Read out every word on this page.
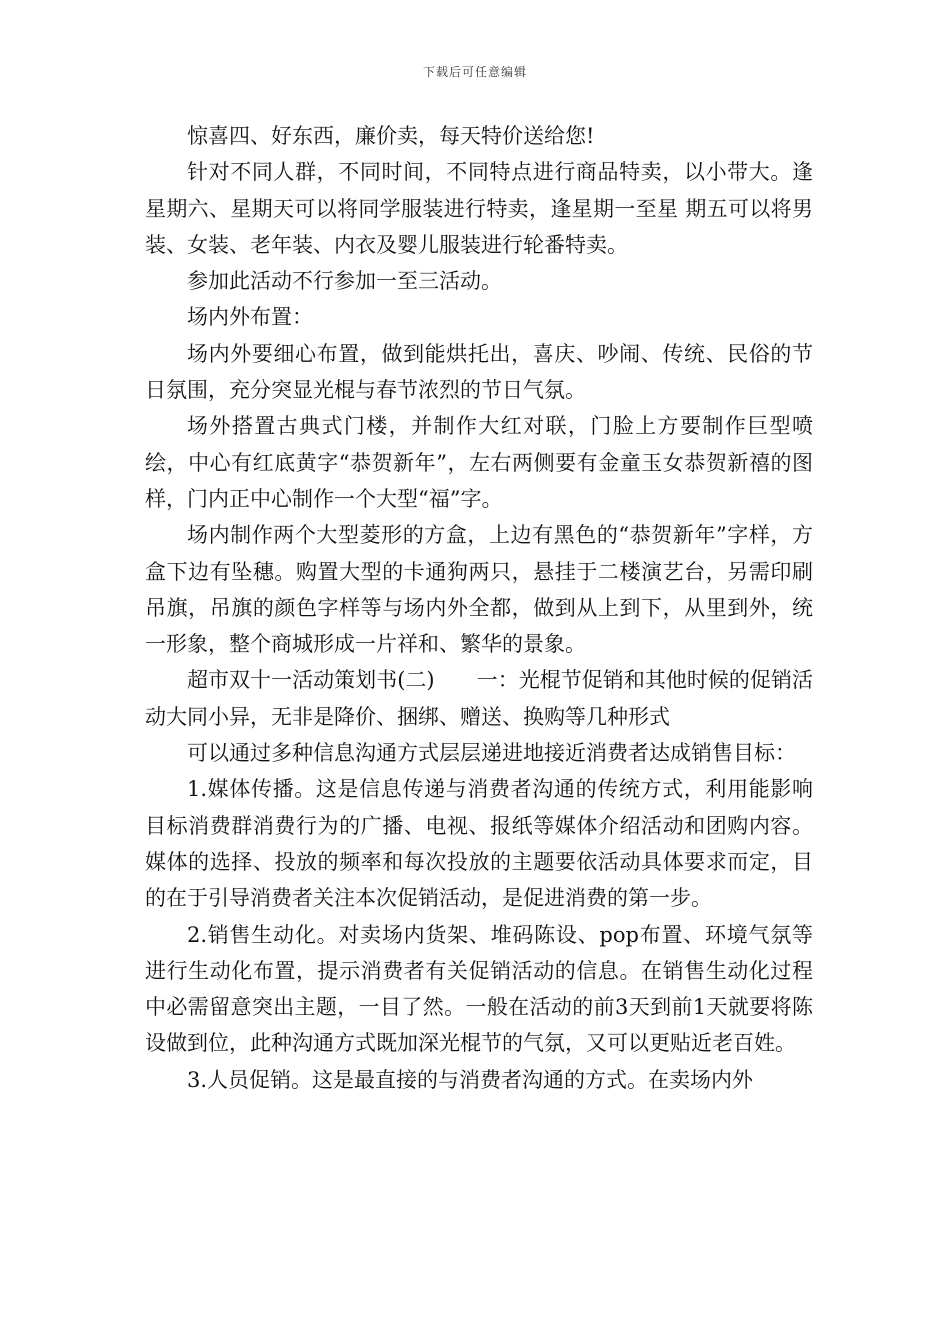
下载后可任意编辑

惊喜四、好东西，廉价卖，每天特价送给您!

针对不同人群，不同时间，不同特点进行商品特卖，以小带大。逢星期六、星期天可以将同学服装进行特卖，逢星期一至星 期五可以将男装、女装、老年装、内衣及婴儿服装进行轮番特卖。

参加此活动不行参加一至三活动。

场内外布置：

场内外要细心布置，做到能烘托出，喜庆、吵闹、传统、民俗的节日氛围，充分突显光棍与春节浓烈的节日气氛。

场外搭置古典式门楼，并制作大红对联，门脸上方要制作巨型喷绘，中心有红底黄字“恭贺新年”，左右两侧要有金童玉女恭贺新禧的图样，门内正中心制作一个大型“福”字。

场内制作两个大型菱形的方盒，上边有黑色的“恭贺新年”字样，方盒下边有坠穗。购置大型的卡通狗两只，悬挂于二楼演艺台，另需印刷吊旗，吊旗的颜色字样等与场内外全都，做到从上到下，从里到外，统一形象，整个商城形成一片祥和、繁华的景象。

超市双十一活动策划书(二)　　一：光棍节促销和其他时候的促销活动大同小异，无非是降价、捆绑、赠送、换购等几种形式

可以通过多种信息沟通方式层层递进地接近消费者达成销售目标：

1.媒体传播。这是信息传递与消费者沟通的传统方式，利用能影响目标消费群消费行为的广播、电视、报纸等媒体介绍活动和团购内容。媒体的选择、投放的频率和每次投放的主题要依活动具体要求而定，目的在于引导消费者关注本次促销活动，是促进消费的第一步。

2.销售生动化。对卖场内货架、堆码陈设、pop布置、环境气氛等进行生动化布置，提示消费者有关促销活动的信息。在销售生动化过程中必需留意突出主题，一目了然。一般在活动的前3天到前1天就要将陈设做到位，此种沟通方式既加深光棍节的气氛，又可以更贴近老百姓。

3.人员促销。这是最直接的与消费者沟通的方式。在卖场内外
